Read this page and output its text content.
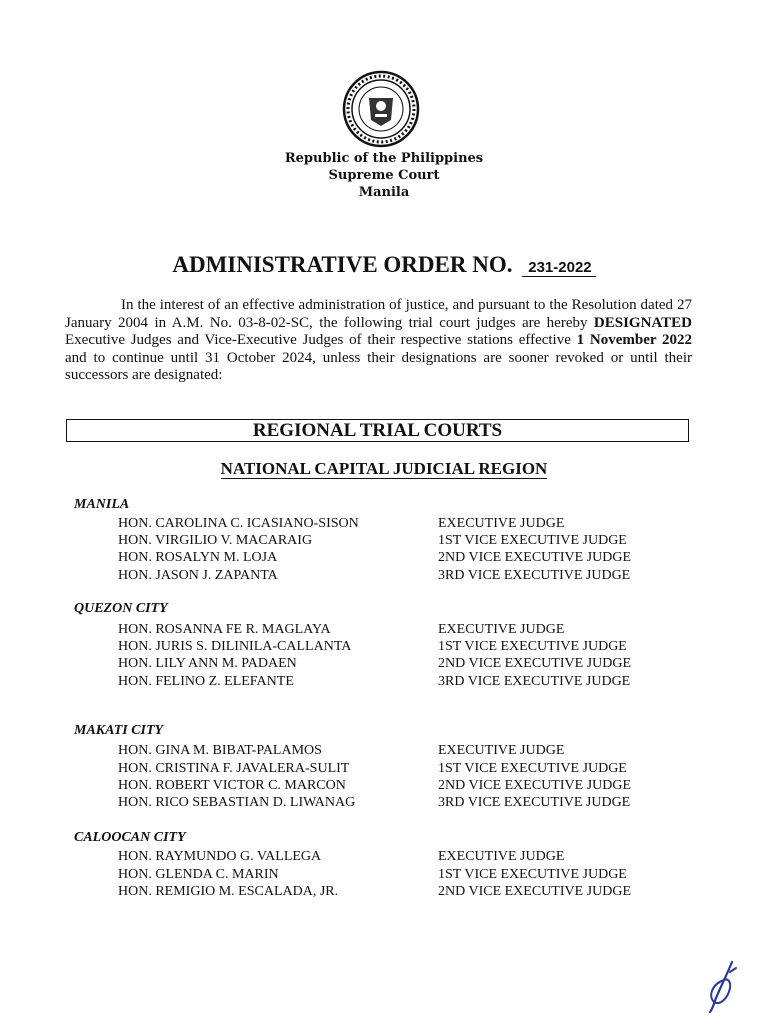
Republic of the Philippines
Supreme Court
Manila
ADMINISTRATIVE ORDER NO. 231-2022

In the interest of an effective administration of justice, and pursuant to the Resolution dated 27 January 2004 in A.M. No. 03-8-02-SC, the following trial court judges are hereby DESIGNATED Executive Judges and Vice-Executive Judges of their respective stations effective 1 November 2022 and to continue until 31 October 2024, unless their designations are sooner revoked or until their successors are designated:

REGIONAL TRIAL COURTS
NATIONAL CAPITAL JUDICIAL REGION
MANILA
HON. CAROLINA C. ICASIANO-SISON	EXECUTIVE JUDGE
HON. VIRGILIO V. MACARAIG	1ST VICE EXECUTIVE JUDGE
HON. ROSALYN M. LOJA	2ND VICE EXECUTIVE JUDGE
HON. JASON J. ZAPANTA	3RD VICE EXECUTIVE JUDGE
QUEZON CITY
HON. ROSANNA FE R. MAGLAYA	EXECUTIVE JUDGE
HON. JURIS S. DILINILA-CALLANTA	1ST VICE EXECUTIVE JUDGE
HON. LILY ANN M. PADAEN	2ND VICE EXECUTIVE JUDGE
HON. FELINO Z. ELEFANTE	3RD VICE EXECUTIVE JUDGE
MAKATI CITY
HON. GINA M. BIBAT-PALAMOS	EXECUTIVE JUDGE
HON. CRISTINA F. JAVALERA-SULIT	1ST VICE EXECUTIVE JUDGE
HON. ROBERT VICTOR C. MARCON	2ND VICE EXECUTIVE JUDGE
HON. RICO SEBASTIAN D. LIWANAG	3RD VICE EXECUTIVE JUDGE
CALOOCAN CITY
HON. RAYMUNDO G. VALLEGA	EXECUTIVE JUDGE
HON. GLENDA C. MARIN	1ST VICE EXECUTIVE JUDGE
HON. REMIGIO M. ESCALADA, JR.	2ND VICE EXECUTIVE JUDGE
